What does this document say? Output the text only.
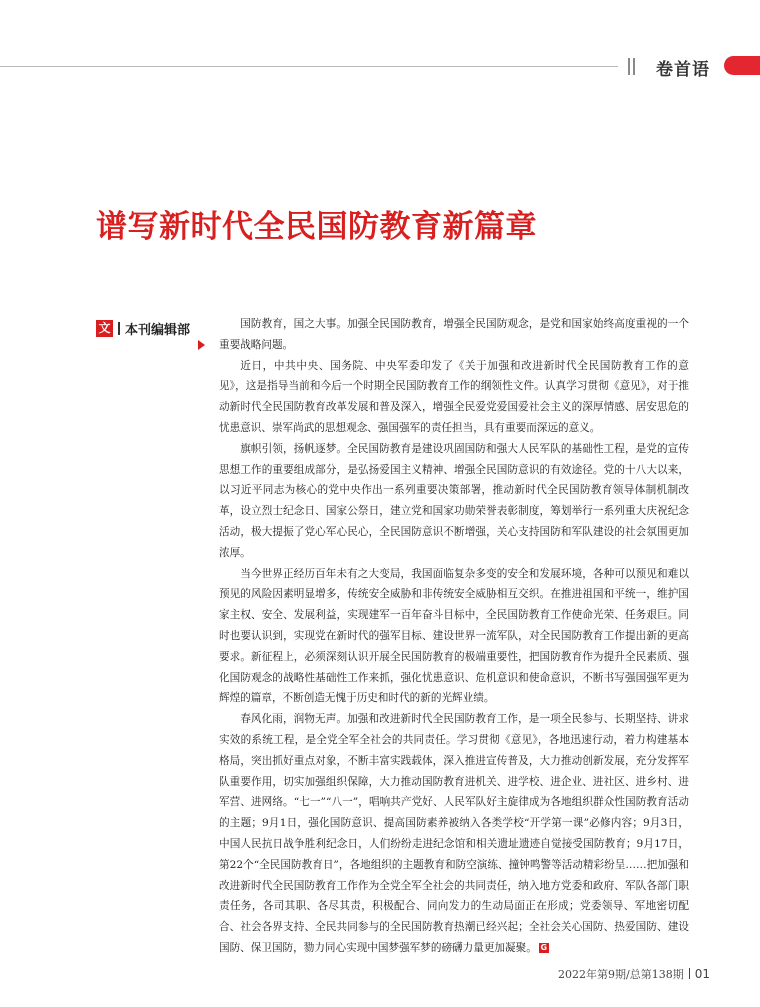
卷首语
谱写新时代全民国防教育新篇章
文 本刊编辑部	国防教育，国之大事。加强全民国防教育，增强全民国防观念，是党和国家始终高度重视的一个重要战略问题。

近日，中共中央、国务院、中央军委印发了《关于加强和改进新时代全民国防教育工作的意见》，这是指导当前和今后一个时期全民国防教育工作的纲领性文件。认真学习贯彻《意见》，对于推动新时代全民国防教育改革发展和普及深入，增强全民爱党爱国爱社会主义的深厚情感、居安思危的忧患意识、崇军尚武的思想观念、强国强军的责任担当，具有重要而深远的意义。

旗帜引领，扬帆逐梦。全民国防教育是建设巩固国防和强大人民军队的基础性工程，是党的宣传思想工作的重要组成部分，是弘扬爱国主义精神、增强全民国防意识的有效途径。党的十八大以来，以习近平同志为核心的党中央作出一系列重要决策部署，推动新时代全民国防教育领导体制机制改革，设立烈士纪念日、国家公祭日，建立党和国家功勋荣誉表彰制度，筹划举行一系列重大庆祝纪念活动，极大提振了党心军心民心，全民国防意识不断增强，关心支持国防和军队建设的社会氛围更加浓厚。

当今世界正经历百年未有之大变局，我国面临复杂多变的安全和发展环境，各种可以预见和难以预见的风险因素明显增多，传统安全威胁和非传统安全威胁相互交织。在推进祖国和平统一，维护国家主权、安全、发展利益，实现建军一百年奋斗目标中，全民国防教育工作使命光荣、任务艰巨。同时也要认识到，实现党在新时代的强军目标、建设世界一流军队，对全民国防教育工作提出新的更高要求。新征程上，必须深刻认识开展全民国防教育的极端重要性，把国防教育作为提升全民素质、强化国防观念的战略性基础性工作来抓，强化忧患意识、危机意识和使命意识，不断书写强国强军更为辉煌的篇章，不断创造无愧于历史和时代的新的光辉业绩。

春风化雨，润物无声。加强和改进新时代全民国防教育工作，是一项全民参与、长期坚持、讲求实效的系统工程，是全党全军全社会的共同责任。学习贯彻《意见》，各地迅速行动，着力构建基本格局，突出抓好重点对象，不断丰富实践载体，深入推进宣传普及，大力推动创新发展，充分发挥军队重要作用，切实加强组织保障，大力推动国防教育进机关、进学校、进企业、进社区、进乡村、进军营、进网络。“七一”“八一”，唱响共产党好、人民军队好主旋律成为各地组织群众性国防教育活动的主题；9月1日，强化国防意识、提高国防素养被纳入各类学校“开学第一课”必修内容；9月3日，中国人民抗日战争胜利纪念日，人们纷纷走进纪念馆和相关遗址遗迹自觉接受国防教育；9月17日，第22个“全民国防教育日”，各地组织的主题教育和防空演练、撞钟鸣警等活动精彩纷呈……把加强和改进新时代全民国防教育工作作为全党全军全社会的共同责任，纳入地方党委和政府、军队各部门职责任务，各司其职、各尽其责，积极配合、同向发力的生动局面正在形成；党委领导、军地密切配合、社会各界支持、全民共同参与的全民国防教育热潮已经兴起；全社会关心国防、热爱国防、建设国防、保卫国防，勠力同心实现中国梦强军梦的磅礴力量更加凝聚。 G

2022年第9期/总第138期 01
